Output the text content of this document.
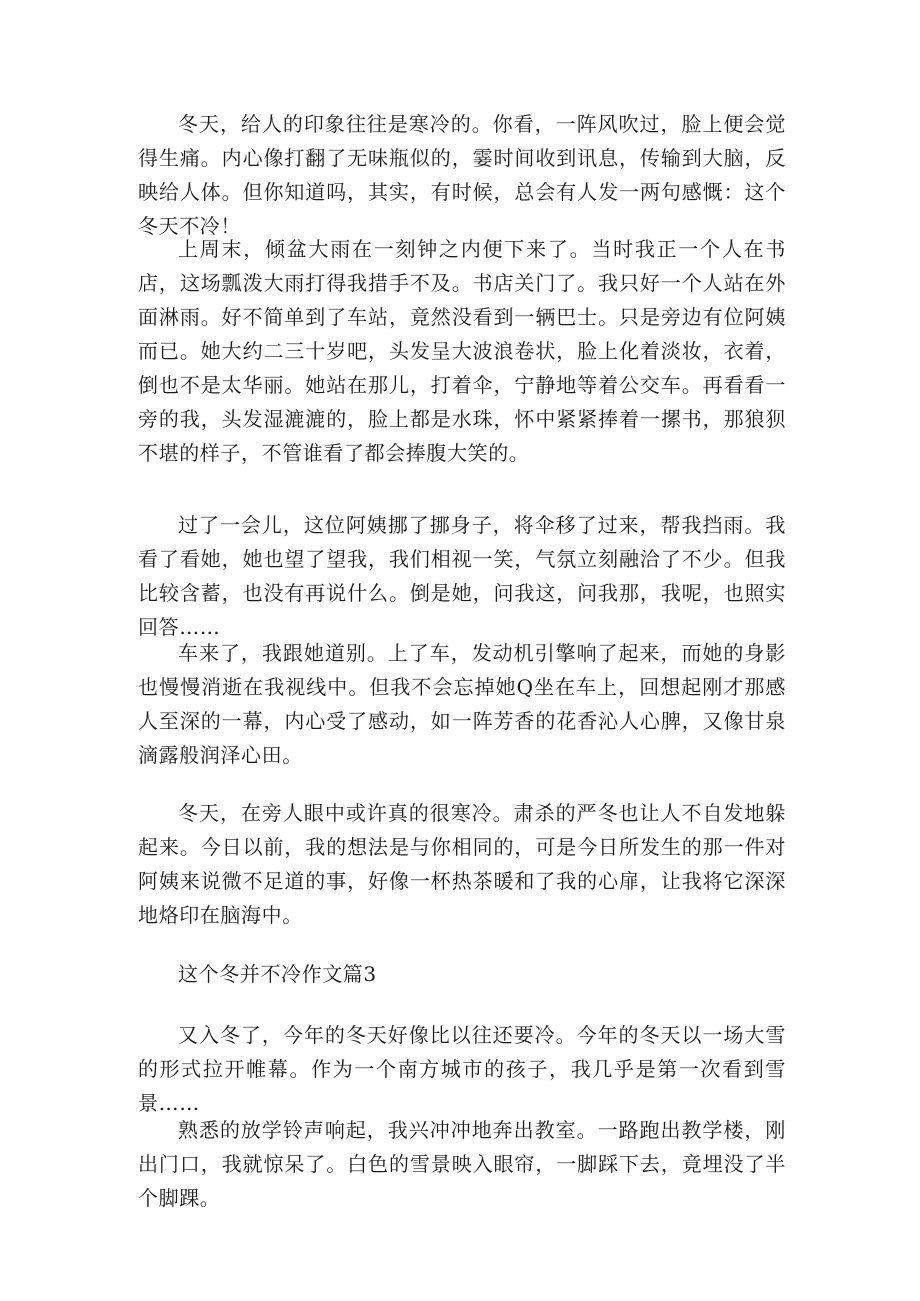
冬天，给人的印象往往是寒冷的。你看，一阵风吹过，脸上便会觉得生痛。内心像打翻了无味瓶似的，霎时间收到讯息，传输到大脑，反映给人体。但你知道吗，其实，有时候，总会有人发一两句感慨：这个冬天不冷！

上周末，倾盆大雨在一刻钟之内便下来了。当时我正一个人在书店，这场瓢泼大雨打得我措手不及。书店关门了。我只好一个人站在外面淋雨。好不简单到了车站，竟然没看到一辆巴士。只是旁边有位阿姨而已。她大约二三十岁吧，头发呈大波浪卷状，脸上化着淡妆，衣着，倒也不是太华丽。她站在那儿，打着伞，宁静地等着公交车。再看看一旁的我，头发湿漉漉的，脸上都是水珠，怀中紧紧捧着一摞书，那狼狈不堪的样子，不管谁看了都会捧腹大笑的。

过了一会儿，这位阿姨挪了挪身子，将伞移了过来，帮我挡雨。我看了看她，她也望了望我，我们相视一笑，气氛立刻融洽了不少。但我比较含蓄，也没有再说什么。倒是她，问我这，问我那，我呢，也照实回答……

车来了，我跟她道别。上了车，发动机引擎响了起来，而她的身影也慢慢消逝在我视线中。但我不会忘掉她Q坐在车上，回想起刚才那感人至深的一幕，内心受了感动，如一阵芳香的花香沁人心脾，又像甘泉滴露般润泽心田。

冬天，在旁人眼中或许真的很寒冷。肃杀的严冬也让人不自发地躲起来。今日以前，我的想法是与你相同的，可是今日所发生的那一件对阿姨来说微不足道的事，好像一杯热茶暖和了我的心扉，让我将它深深地烙印在脑海中。

这个冬并不冷作文篇3

又入冬了，今年的冬天好像比以往还要冷。今年的冬天以一场大雪的形式拉开帷幕。作为一个南方城市的孩子，我几乎是第一次看到雪景……

熟悉的放学铃声响起，我兴冲冲地奔出教室。一路跑出教学楼，刚出门口，我就惊呆了。白色的雪景映入眼帘，一脚踩下去，竟埋没了半个脚踝。
